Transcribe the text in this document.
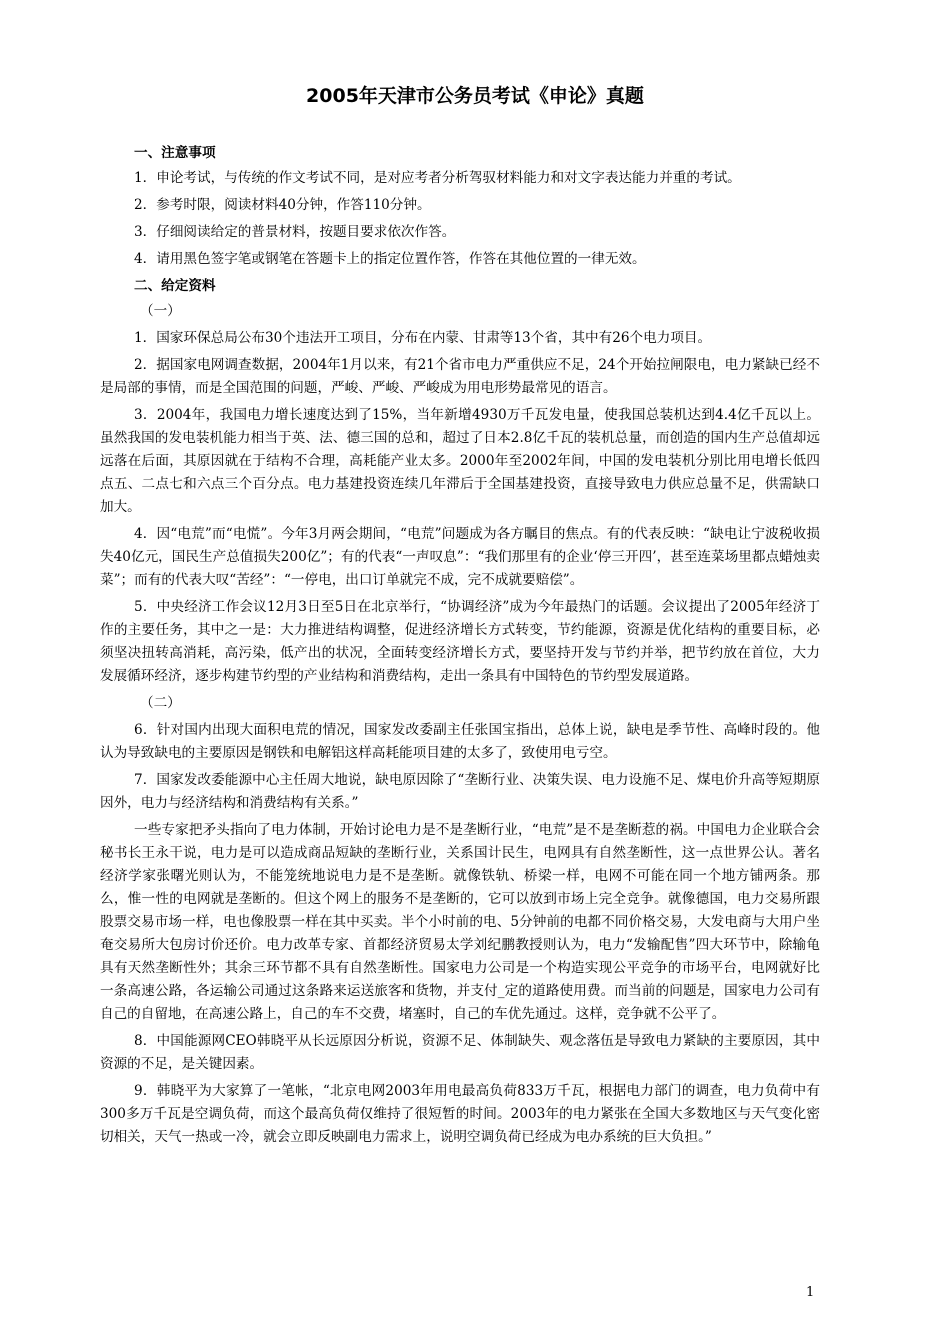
2005年天津市公务员考试《申论》真题

一、注意事项

1．申论考试，与传统的作文考试不同，是对应考者分析驾驭材料能力和对文字表达能力并重的考试。

2．参考时限，阅读材料40分钟，作答110分钟。

3．仔细阅读给定的普景材料，按题目要求依次作答。

4．请用黑色签字笔或钢笔在答题卡上的指定位置作答，作答在其他位置的一律无效。

二、给定资料

（一）

1．国家环保总局公布30个违法开工项目，分布在内蒙、甘肃等13个省，其中有26个电力项目。

2．据国家电网调查数据，2004年1月以来，有21个省市电力严重供应不足，24个开始拉闸限电，电力紧缺已经不是局部的事情，而是全国范围的问题，严峻、严峻、严峻成为用电形势最常见的语言。

3．2004年，我国电力增长速度达到了15%，当年新增4930万千瓦发电量，使我国总装机达到4.4亿千瓦以上。虽然我国的发电装机能力相当于英、法、德三国的总和，超过了日本2.8亿千瓦的装机总量，而创造的国内生产总值却远远落在后面，其原因就在于结构不合理，高耗能产业太多。2000年至2002年间，中国的发电装机分别比用电增长低四点五、二点七和六点三个百分点。电力基建投资连续几年滞后于全国基建投资，直接导致电力供应总量不足，供需缺口加大。

4．因“电荒”而“电慌”。今年3月两会期间，“电荒”问题成为各方瞩目的焦点。有的代表反映：“缺电让宁波税收损失40亿元，国民生产总值损失200亿”；有的代表“一声叹息”：“我们那里有的企业‘停三开四’，甚至连菜场里都点蜡烛卖菜”；而有的代表大叹“苦经”：“一停电，出口订单就完不成，完不成就要赔偿”。

5．中央经济工作会议12月3日至5日在北京举行，“协调经济”成为今年最热门的话题。会议提出了2005年经济丁作的主要任务，其中之一是：大力推进结构调整，促进经济增长方式转变，节约能源，资源是优化结构的重要目标，必须坚决扭转高消耗，高污染，低产出的状况，全面转变经济增长方式，要坚持开发与节约并举，把节约放在首位，大力发展循环经济，逐步构建节约型的产业结构和消费结构，走出一条具有中国特色的节约型发展道路。

（二）

6．针对国内出现大面积电荒的情况，国家发改委副主任张国宝指出，总体上说，缺电是季节性、高峰时段的。他认为导致缺电的主要原因是钢铁和电解铝这样高耗能项目建的太多了，致使用电亏空。

7．国家发改委能源中心主任周大地说，缺电原因除了“垄断行业、决策失误、电力设施不足、煤电价升高等短期原因外，电力与经济结构和消费结构有关系。”

一些专家把矛头指向了电力体制，开始讨论电力是不是垄断行业，“电荒”是不是垄断惹的祸。中国电力企业联合会秘书长王永干说，电力是可以造成商品短缺的垄断行业，关系国计民生，电网具有自然垄断性，这一点世界公认。著名经济学家张曙光则认为，不能笼统地说电力是不是垄断。就像铁轨、桥梁一样，电网不可能在同一个地方铺两条。那么，惟一性的电网就是垄断的。但这个网上的服务不是垄断的，它可以放到市场上完全竞争。就像德国，电力交易所跟股票交易市场一样，电也像股票一样在其中买卖。半个小时前的电、5分钟前的电都不同价格交易，大发电商与大用户坐奄交易所大包房讨价还价。电力改革专家、首都经济贸易太学刘纪鹏教授则认为，电力“发输配售”四大环节中，除输龟具有天然垄断性外；其余三环节都不具有自然垄断性。国家电力公司是一个构造实现公平竞争的市场平台，电网就好比一条高速公路，各运输公司通过这条路来运送旅客和货物，并支付_定的道路使用费。而当前的问题是，国家电力公司有自己的自留地，在高速公路上，自己的车不交费，堵塞时，自己的车优先通过。这样，竞争就不公平了。

8．中国能源网CEO韩晓平从长远原因分析说，资源不足、体制缺失、观念落伍是导致电力紧缺的主要原因，其中资源的不足，是关键因素。

9．韩晓平为大家算了一笔帐，“北京电网2003年用电最高负荷833万千瓦，根据电力部门的调查，电力负荷中有300多万千瓦是空调负荷，而这个最高负荷仅维持了很短暂的时间。2003年的电力紧张在全国大多数地区与天气变化密切相关，天气一热或一冷，就会立即反映副电力需求上，说明空调负荷已经成为电办系统的巨大负担。”

1
